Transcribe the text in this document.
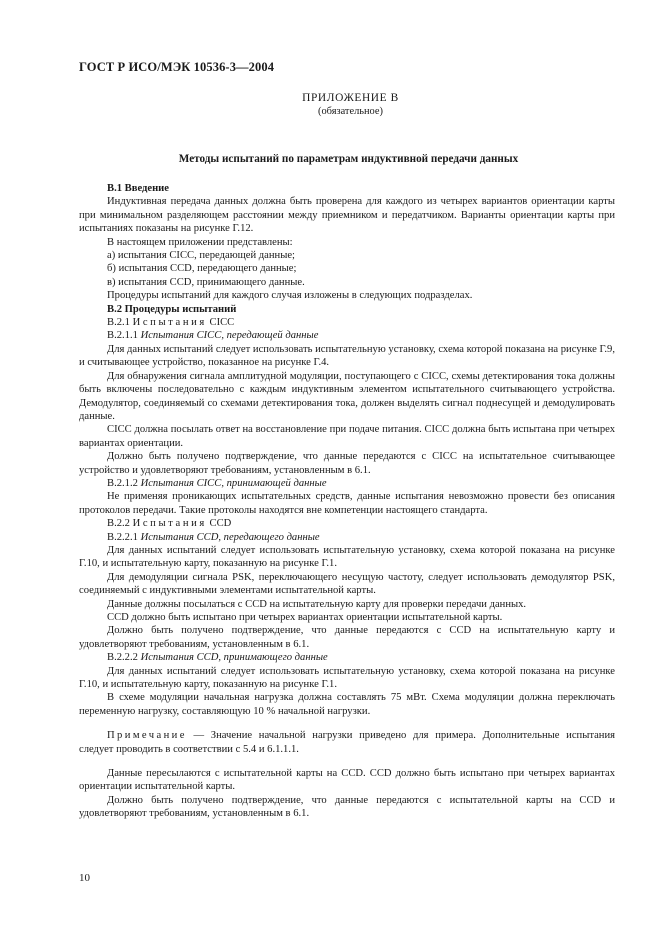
ГОСТ Р ИСО/МЭК 10536-3—2004
ПРИЛОЖЕНИЕ В
(обязательное)
Методы испытаний по параметрам индуктивной передачи данных

В.1 Введение

Индуктивная передача данных должна быть проверена для каждого из четырех вариантов ориентации карты при минимальном разделяющем расстоянии между приемником и передатчиком. Варианты ориентации карты при испытаниях показаны на рисунке Г.12.

В настоящем приложении представлены:

а) испытания CICC, передающей данные;

б) испытания CCD, передающего данные;

в) испытания CCD, принимающего данные.

Процедуры испытаний для каждого случая изложены в следующих подразделах.

В.2 Процедуры испытаний

В.2.1 Испытания CICC

В.2.1.1 Испытания CICC, передающей данные

Для данных испытаний следует использовать испытательную установку, схема которой показана на рисунке Г.9, и считывающее устройство, показанное на рисунке Г.4.

Для обнаружения сигнала амплитудной модуляции, поступающего с CICC, схемы детектирования тока должны быть включены последовательно с каждым индуктивным элементом испытательного считывающего устройства. Демодулятор, соединяемый со схемами детектирования тока, должен выделять сигнал поднесущей и демодулировать данные.

CICC должна посылать ответ на восстановление при подаче питания. CICC должна быть испытана при четырех вариантах ориентации.

Должно быть получено подтверждение, что данные передаются с CICC на испытательное считывающее устройство и удовлетворяют требованиям, установленным в 6.1.

В.2.1.2 Испытания CICC, принимающей данные

Не применяя проникающих испытательных средств, данные испытания невозможно провести без описания протоколов передачи. Такие протоколы находятся вне компетенции настоящего стандарта.

В.2.2 Испытания CCD

В.2.2.1 Испытания CCD, передающего данные

Для данных испытаний следует использовать испытательную установку, схема которой показана на рисунке Г.10, и испытательную карту, показанную на рисунке Г.1.

Для демодуляции сигнала PSK, переключающего несущую частоту, следует использовать демодулятор PSK, соединяемый с индуктивными элементами испытательной карты.

Данные должны посылаться с CCD на испытательную карту для проверки передачи данных.

CCD должно быть испытано при четырех вариантах ориентации испытательной карты.

Должно быть получено подтверждение, что данные передаются с CCD на испытательную карту и удовлетворяют требованиям, установленным в 6.1.

В.2.2.2 Испытания CCD, принимающего данные

Для данных испытаний следует использовать испытательную установку, схема которой показана на рисунке Г.10, и испытательную карту, показанную на рисунке Г.1.

В схеме модуляции начальная нагрузка должна составлять 75 мВт. Схема модуляции должна переключать переменную нагрузку, составляющую 10 % начальной нагрузки.

Примечание — Значение начальной нагрузки приведено для примера. Дополнительные испытания следует проводить в соответствии с 5.4 и 6.1.1.1.

Данные пересылаются с испытательной карты на CCD. CCD должно быть испытано при четырех вариантах ориентации испытательной карты.

Должно быть получено подтверждение, что данные передаются с испытательной карты на CCD и удовлетворяют требованиям, установленным в 6.1.

10
